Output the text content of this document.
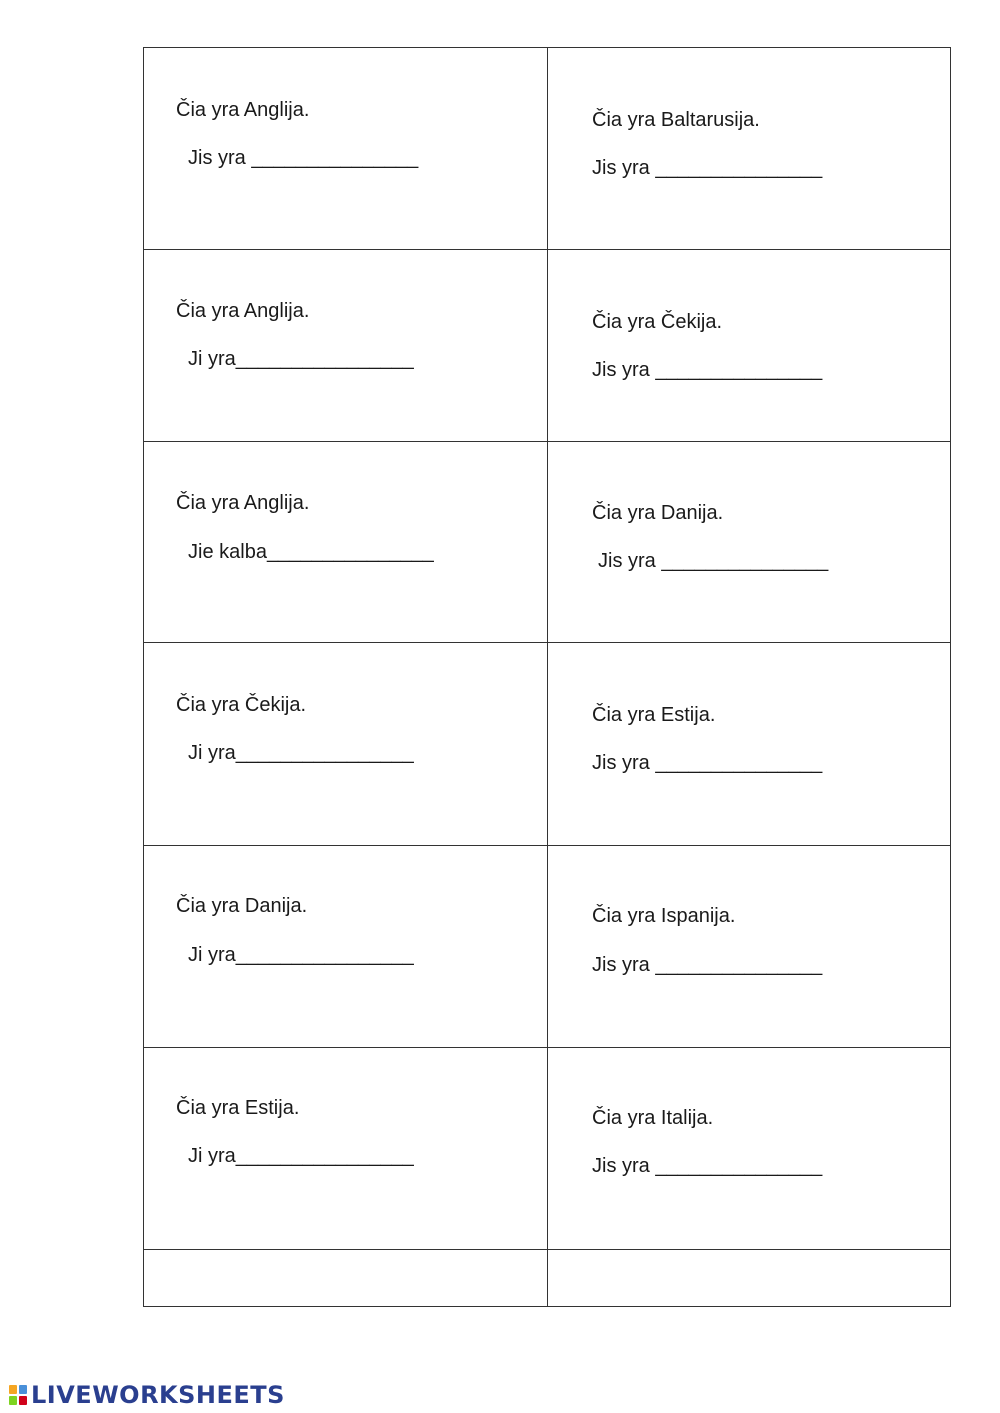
Čia yra Anglija.
Jis yra _______________
Čia yra Baltarusija.
Jis yra _______________
Čia yra Anglija.
Ji yra________________
Čia yra Čekija.
Jis yra _______________
Čia yra Anglija.
Jie kalba_______________
Čia yra Danija.
Jis yra _______________
Čia yra Čekija.
Ji yra________________
Čia yra Estija.
Jis yra _______________
Čia yra Danija.
Ji yra________________
Čia yra Ispanija.
Jis yra _______________
Čia yra Estija.
Ji yra________________
Čia yra Italija.
Jis yra _______________
LIVEWORKSHEETS
